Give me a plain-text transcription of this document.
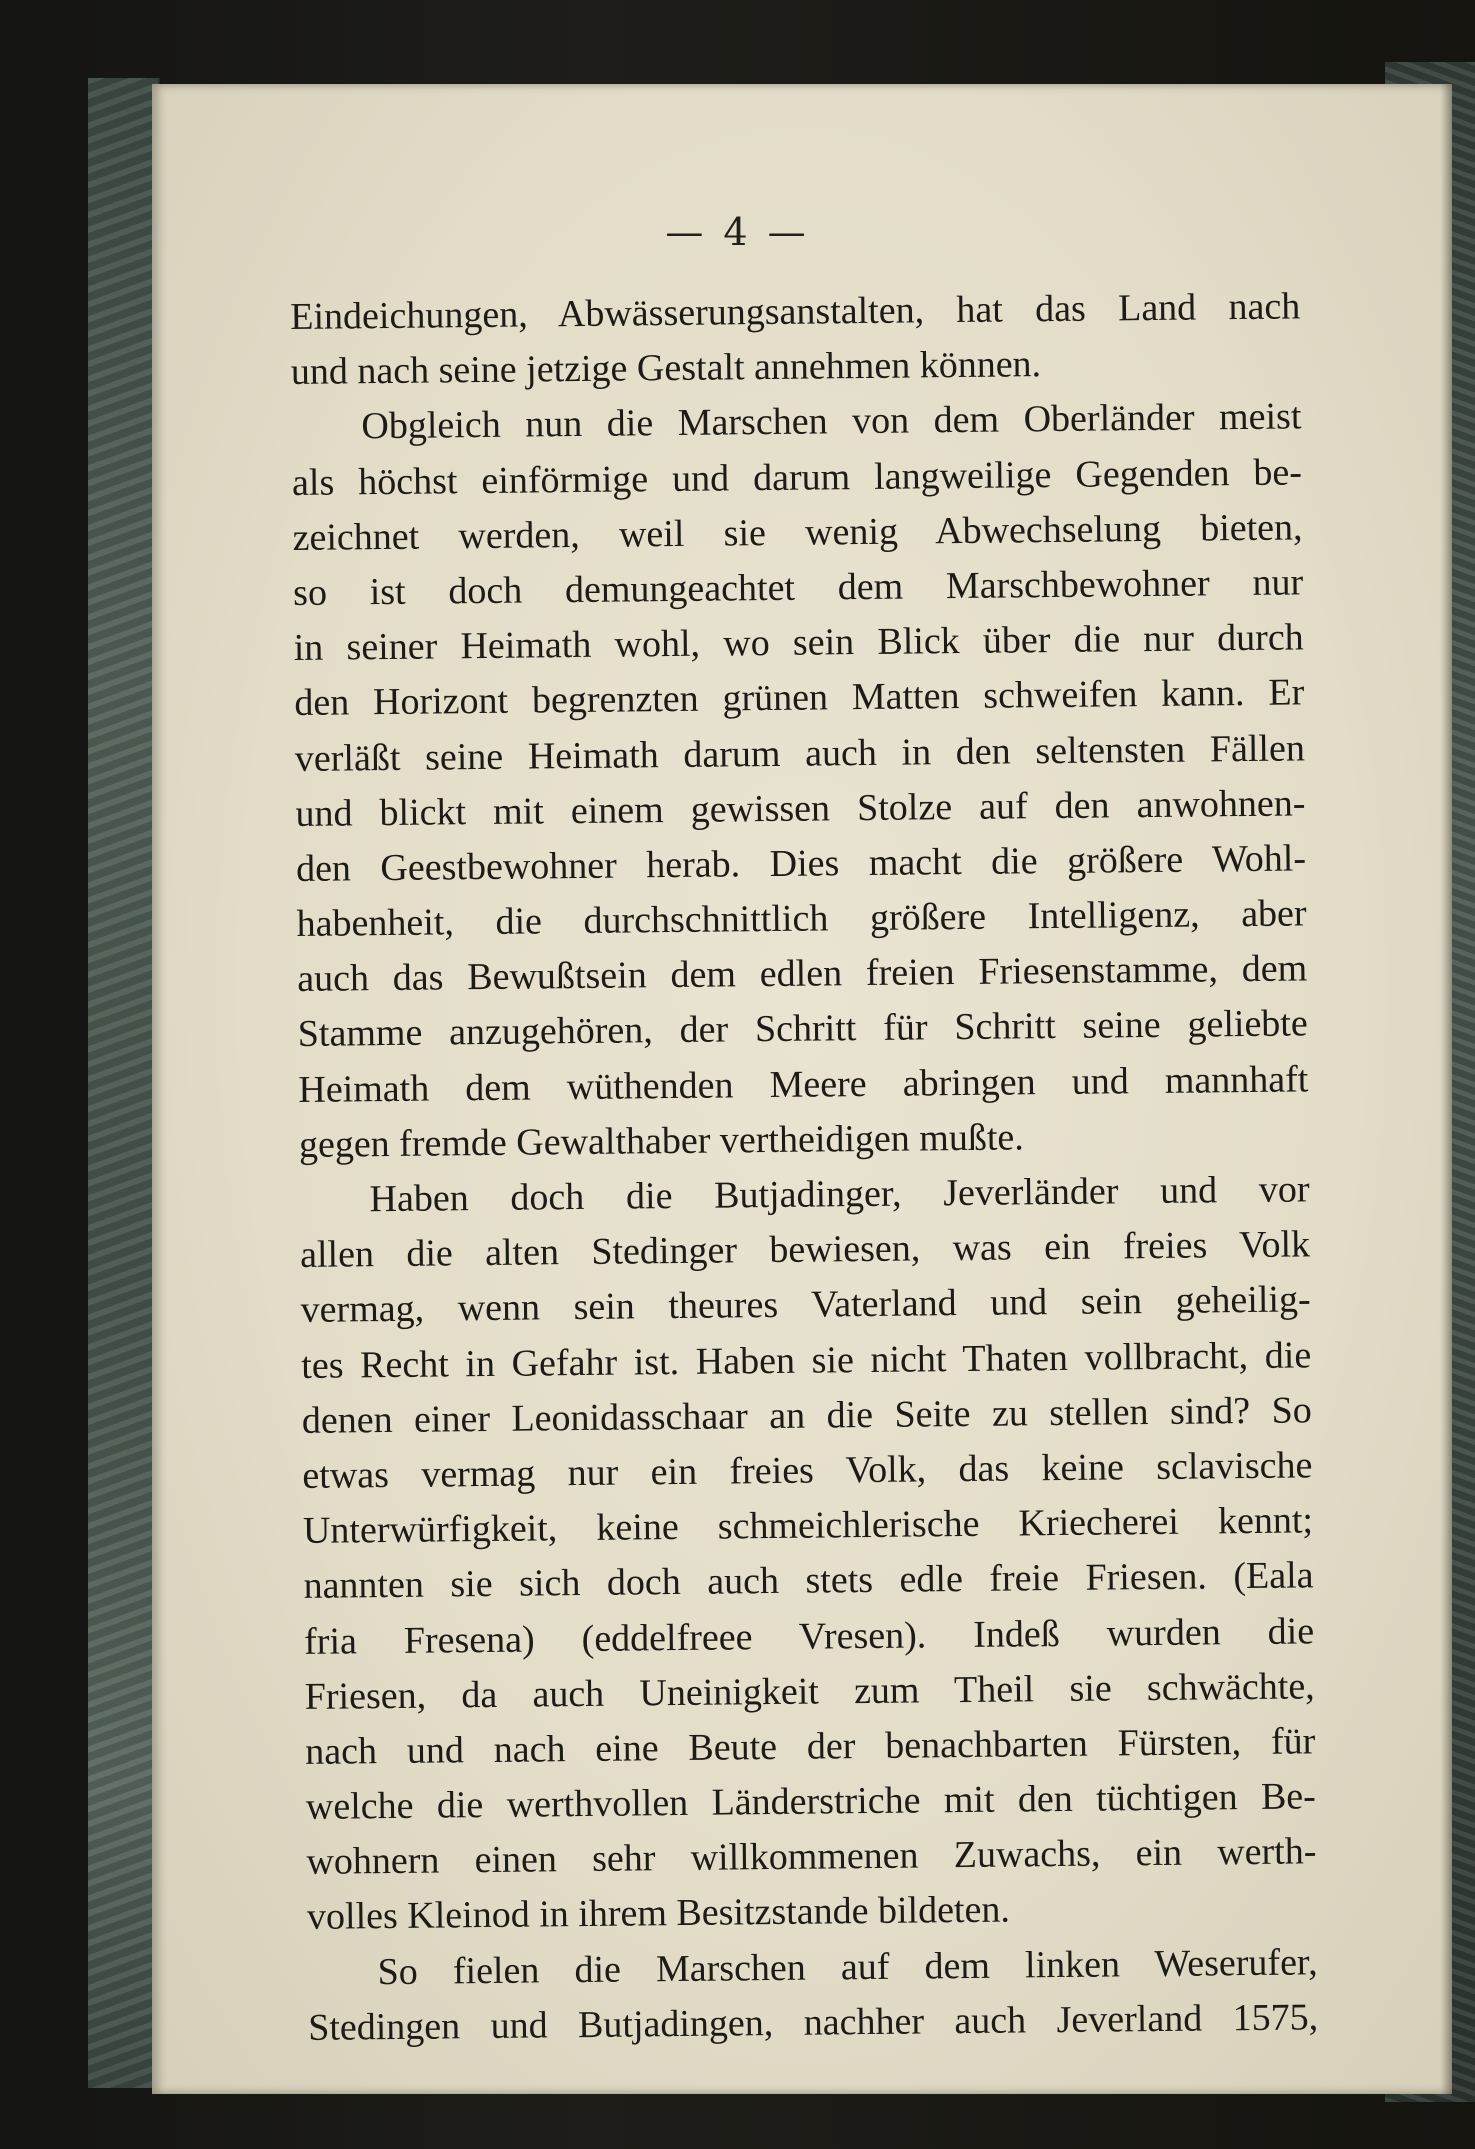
— 4 —
Eindeichungen, Abwässerungsanstalten, hat das Land nach
und nach seine jetzige Gestalt annehmen können.
Obgleich nun die Marschen von dem Oberländer meist
als höchst einförmige und darum langweilige Gegenden be-
zeichnet werden, weil sie wenig Abwechselung bieten,
so ist doch demungeachtet dem Marschbewohner nur
in seiner Heimath wohl, wo sein Blick über die nur durch
den Horizont begrenzten grünen Matten schweifen kann. Er
verläßt seine Heimath darum auch in den seltensten Fällen
und blickt mit einem gewissen Stolze auf den anwohnen-
den Geestbewohner herab. Dies macht die größere Wohl-
habenheit, die durchschnittlich größere Intelligenz, aber
auch das Bewußtsein dem edlen freien Friesenstamme, dem
Stamme anzugehören, der Schritt für Schritt seine geliebte
Heimath dem wüthenden Meere abringen und mannhaft
gegen fremde Gewalthaber vertheidigen mußte.
Haben doch die Butjadinger, Jeverländer und vor
allen die alten Stedinger bewiesen, was ein freies Volk
vermag, wenn sein theures Vaterland und sein geheilig-
tes Recht in Gefahr ist. Haben sie nicht Thaten vollbracht, die
denen einer Leonidasschaar an die Seite zu stellen sind? So
etwas vermag nur ein freies Volk, das keine sclavische
Unterwürfigkeit, keine schmeichlerische Kriecherei kennt;
nannten sie sich doch auch stets edle freie Friesen. (Eala
fria Fresena) (eddelfreee Vresen). Indeß wurden die
Friesen, da auch Uneinigkeit zum Theil sie schwächte,
nach und nach eine Beute der benachbarten Fürsten, für
welche die werthvollen Länderstriche mit den tüchtigen Be-
wohnern einen sehr willkommenen Zuwachs, ein werth-
volles Kleinod in ihrem Besitzstande bildeten.
So fielen die Marschen auf dem linken Weserufer,
Stedingen und Butjadingen, nachher auch Jeverland 1575,
